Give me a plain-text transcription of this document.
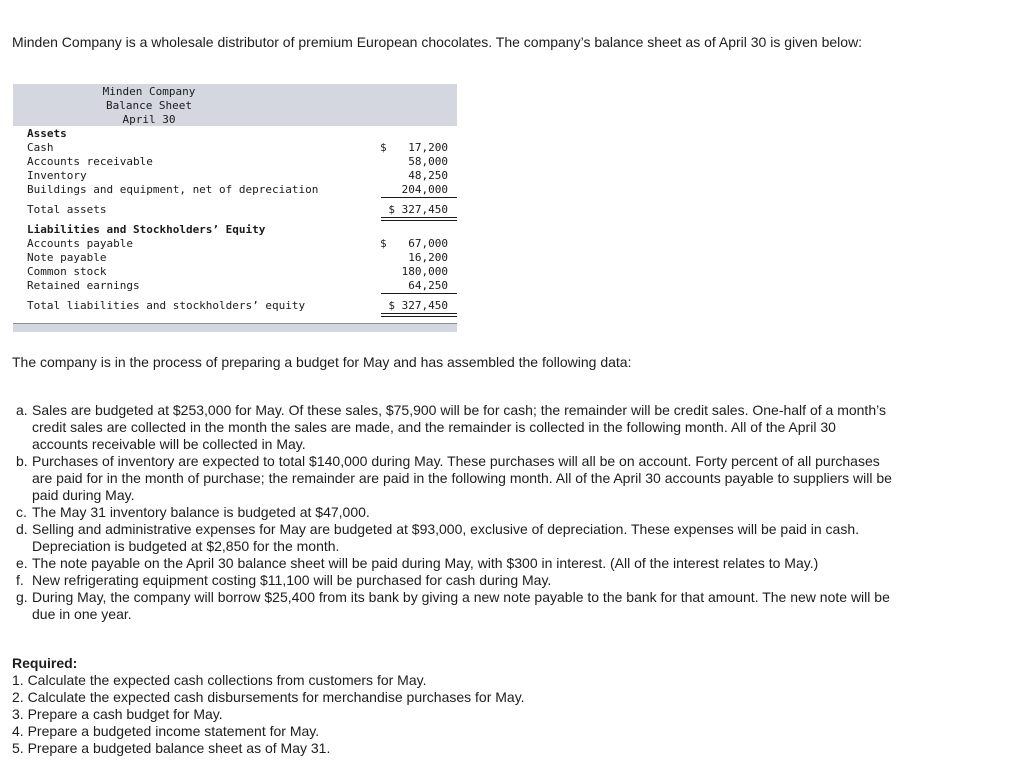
Minden Company is a wholesale distributor of premium European chocolates. The company’s balance sheet as of April 30 is given below:

Minden Company
Balance Sheet
April 30
Assets
Cash	$	17,200
Accounts receivable	58,000
Inventory	48,250
Buildings and equipment, net of depreciation	204,000
Total assets	$ 327,450
Liabilities and Stockholders’ Equity
Accounts payable	$	67,000
Note payable	16,200
Common stock	180,000
Retained earnings	64,250
Total liabilities and stockholders’ equity	$ 327,450

The company is in the process of preparing a budget for May and has assembled the following data:

a. Sales are budgeted at $253,000 for May. Of these sales, $75,900 will be for cash; the remainder will be credit sales. One-half of a month’s credit sales are collected in the month the sales are made, and the remainder is collected in the following month. All of the April 30 accounts receivable will be collected in May.
b. Purchases of inventory are expected to total $140,000 during May. These purchases will all be on account. Forty percent of all purchases are paid for in the month of purchase; the remainder are paid in the following month. All of the April 30 accounts payable to suppliers will be paid during May.
c. The May 31 inventory balance is budgeted at $47,000.
d. Selling and administrative expenses for May are budgeted at $93,000, exclusive of depreciation. These expenses will be paid in cash. Depreciation is budgeted at $2,850 for the month.
e. The note payable on the April 30 balance sheet will be paid during May, with $300 in interest. (All of the interest relates to May.)
f. New refrigerating equipment costing $11,100 will be purchased for cash during May.
g. During May, the company will borrow $25,400 from its bank by giving a new note payable to the bank for that amount. The new note will be due in one year.
Required:
1. Calculate the expected cash collections from customers for May.
2. Calculate the expected cash disbursements for merchandise purchases for May.
3. Prepare a cash budget for May.
4. Prepare a budgeted income statement for May.
5. Prepare a budgeted balance sheet as of May 31.
